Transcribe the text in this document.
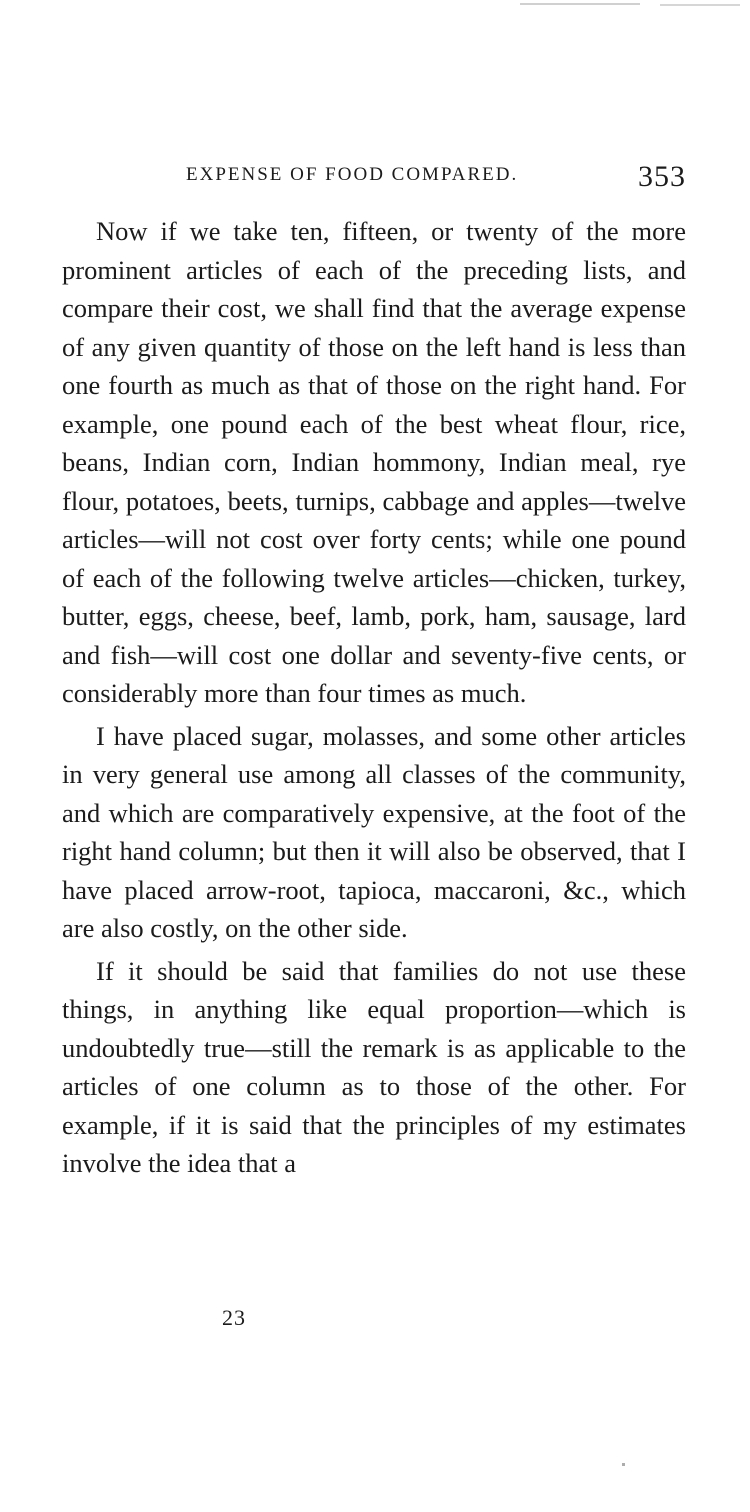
EXPENSE OF FOOD COMPARED.	353

Now if we take ten, fifteen, or twenty of the more prominent articles of each of the preceding lists, and compare their cost, we shall find that the average expense of any given quantity of those on the left hand is less than one fourth as much as that of those on the right hand. For example, one pound each of the best wheat flour, rice, beans, Indian corn, Indian hommony, Indian meal, rye flour, potatoes, beets, turnips, cabbage and apples—twelve articles—will not cost over forty cents; while one pound of each of the following twelve articles—chicken, turkey, butter, eggs, cheese, beef, lamb, pork, ham, sausage, lard and fish—will cost one dollar and seventy-five cents, or considerably more than four times as much.

I have placed sugar, molasses, and some other articles in very general use among all classes of the community, and which are comparatively expensive, at the foot of the right hand column; but then it will also be observed, that I have placed arrow-root, tapioca, maccaroni, &c., which are also costly, on the other side.

If it should be said that families do not use these things, in anything like equal proportion—which is undoubtedly true—still the remark is as applicable to the articles of one column as to those of the other. For example, if it is said that the principles of my estimates involve the idea that a

23
